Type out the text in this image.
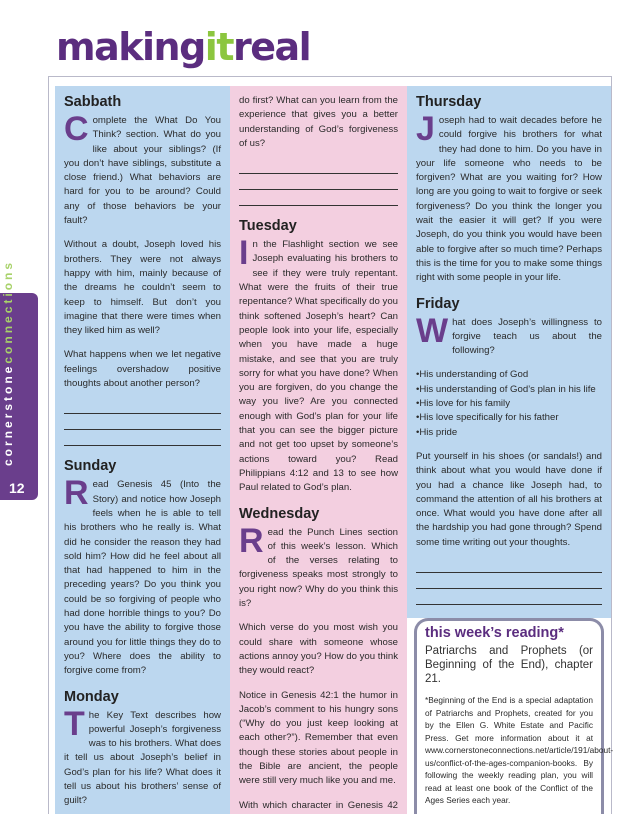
makingitreal
cornerstoneconnections
12
Sabbath

Complete the What Do You Think? section. What do you like about your siblings? (If you don’t have siblings, substitute a close friend.) What behaviors are hard for you to be around? Could any of those behaviors be your fault?

Without a doubt, Joseph loved his brothers. They were not always happy with him, mainly because of the dreams he couldn’t seem to keep to himself. But don’t you imagine that there were times when they liked him as well?

What happens when we let negative feelings overshadow positive thoughts about another person?

Sunday

Read Genesis 45 (Into the Story) and notice how Joseph feels when he is able to tell his brothers who he really is. What did he consider the reason they had sold him? How did he feel about all that had happened to him in the preceding years? Do you think you could be so forgiving of people who had done horrible things to you? Do you have the ability to forgive those around you for little things they do to you? Where does the ability to forgive come from?

Monday

The Key Text describes how powerful Joseph’s forgiveness was to his brothers. What does it tell us about Joseph’s belief in God’s plan for his life? What does it tell us about his brothers’ sense of guilt?

do first? What can you learn from the experience that gives you a better understanding of God’s forgiveness of us?

Tuesday

In the Flashlight section we see Joseph evaluating his brothers to see if they were truly repentant. What were the fruits of their true repentance? What specifically do you think softened Joseph’s heart? Can people look into your life, especially when you have made a huge mistake, and see that you are truly sorry for what you have done? When you are forgiven, do you change the way you live? Are you connected enough with God’s plan for your life that you can see the bigger picture and not get too upset by someone’s actions toward you? Read Philippians 4:12 and 13 to see how Paul related to God’s plan.

Wednesday

Read the Punch Lines section of this week’s lesson. Which of the verses relating to forgiveness speaks most strongly to you right now? Why do you think this is?

Which verse do you most wish you could share with someone whose actions annoy you? How do you think they would react?

Notice in Genesis 42:1 the humor in Jacob’s comment to his hungry sons (“Why do you just keep looking at each other?”). Remember that even though these stories about people in the Bible are ancient, the people were still very much like you and me.

With which character in Genesis 42

Thursday

Joseph had to wait decades before he could forgive his brothers for what they had done to him. Do you have in your life someone who needs to be forgiven? What are you waiting for? How long are you going to wait to forgive or seek forgiveness? Do you think the longer you wait the easier it will get? If you were Joseph, do you think you would have been able to forgive after so much time? Perhaps this is the time for you to make some things right with some people in your life.

Friday

What does Joseph’s willingness to forgive teach us about the following?

• His understanding of God
• His understanding of God’s plan in his life
• His love for his family
• His love specifically for his father
• His pride

Put yourself in his shoes (or sandals!) and think about what you would have done if you had a chance like Joseph had, to command the attention of all his brothers at once. What would you have done after all the hardship you had gone through? Spend some time writing out your thoughts.

this week’s reading*

Patriarchs and Prophets (or Beginning of the End), chapter 21.

*Beginning of the End is a special adaptation of Patriarchs and Prophets, created for you by the Ellen G. White Estate and Pacific Press. Get more information about it at www.cornerstoneconnections.net/article/191/about-us/conflict-of-the-ages-companion-books. By following the weekly reading plan, you will read at least one book of the Conflict of the Ages Series each year.
